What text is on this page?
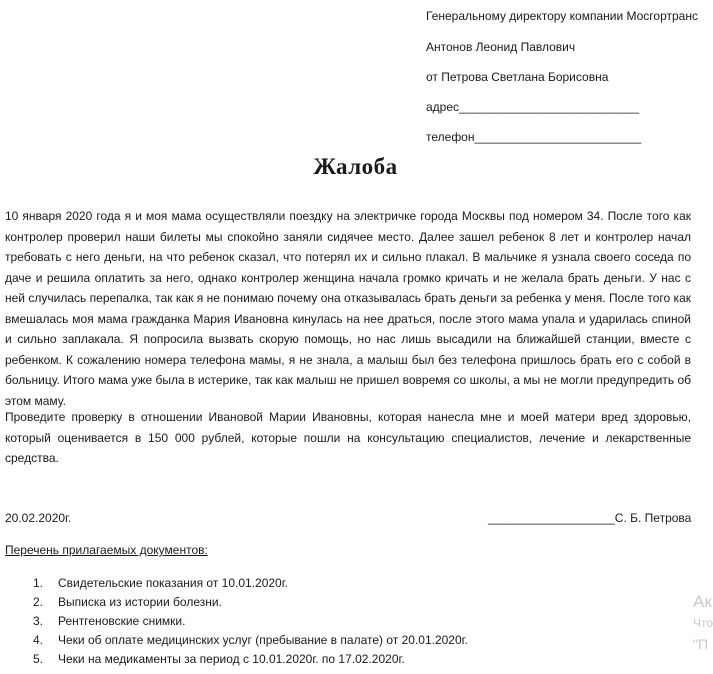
Генеральному директору компании Мосгортранс
Антонов Леонид Павлович
от Петрова Светлана Борисовна
адрес___________________________
телефон_________________________
Жалоба

10 января 2020 года я и моя мама осуществляли поездку на электричке города Москвы под номером 34. После того как контролер проверил наши билеты мы спокойно заняли сидячее место. Далее зашел ребенок 8 лет и контролер начал требовать с него деньги, на что ребенок сказал, что потерял их и сильно плакал. В мальчике я узнала своего соседа по даче и решила оплатить за него, однако контролер женщина начала громко кричать и не желала брать деньги. У нас с ней случилась перепалка, так как я не понимаю почему она отказывалась брать деньги за ребенка у меня. После того как вмешалась моя мама гражданка Мария Ивановна кинулась на нее драться, после этого мама упала и ударилась спиной и сильно заплакала. Я попросила вызвать скорую помощь, но нас лишь высадили на ближайшей станции, вместе с ребенком. К сожалению номера телефона мамы, я не знала, а малыш был без телефона пришлось брать его с собой в больницу. Итого мама уже была в истерике, так как малыш не пришел вовремя со школы, а мы не могли предупредить об этом маму.

Проведите проверку в отношении Ивановой Марии Ивановны, которая нанесла мне и моей матери вред здоровью, который оценивается в 150 000 рублей, которые пошли на консультацию специалистов, лечение и лекарственные средства.

20.02.2020г.	___________________С. Б. Петрова
Перечень прилагаемых документов:
1. Свидетельские показания от 10.01.2020г.
2. Выписка из истории болезни.
3. Рентгеновские снимки.
4. Чеки об оплате медицинских услуг (пребывание в палате) от 20.01.2020г.
5. Чеки на медикаменты за период с 10.01.2020г. по 17.02.2020г.
Ак
Что
"П
